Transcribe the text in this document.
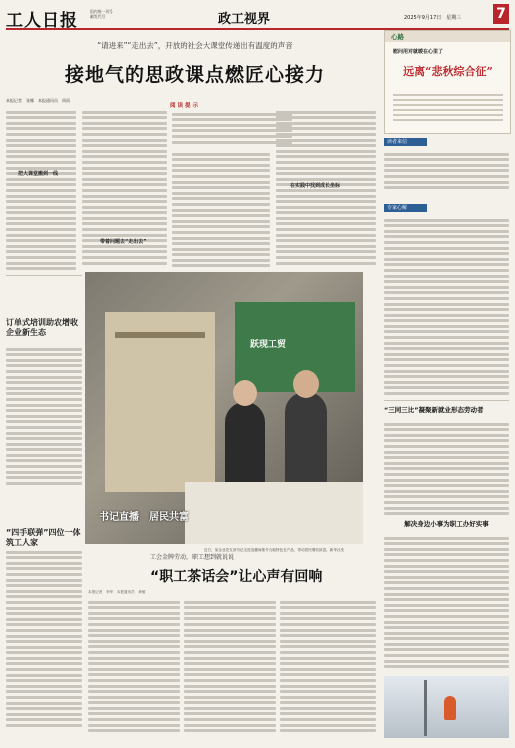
工人日报	国内统一刊号
邮发代号	政工视界	2025年9月17日　星期三 7
“请进来”“走出去”，开放的社会大课堂传递出有温度的声音
接地气的思政课点燃匠心接力
本报记者　张娜　本报通讯员　周雨
把大课堂搬到一线
带着问题去“走出去”
阅读提示
在实践中找到成长坐标
订单式培训助农增收企业新生态
“四手联弹”四位一体筑工人家
跃现工贸
书记直播　居民共富
近日，某企业党支部书记走进直播间推介当地特色农产品，带动居民增收致富。新华社发
工会金牌劳动，职工想到就说说
“职工茶话会”让心声有回响
本报记者　李华　本报通讯员　黄敏
心路
慰问用对就暖在心里了
远离“悲秋综合征”
读者来信
专家心解
“三同三比”凝聚新就业形态劳动者
解决身边小事为职工办好实事
